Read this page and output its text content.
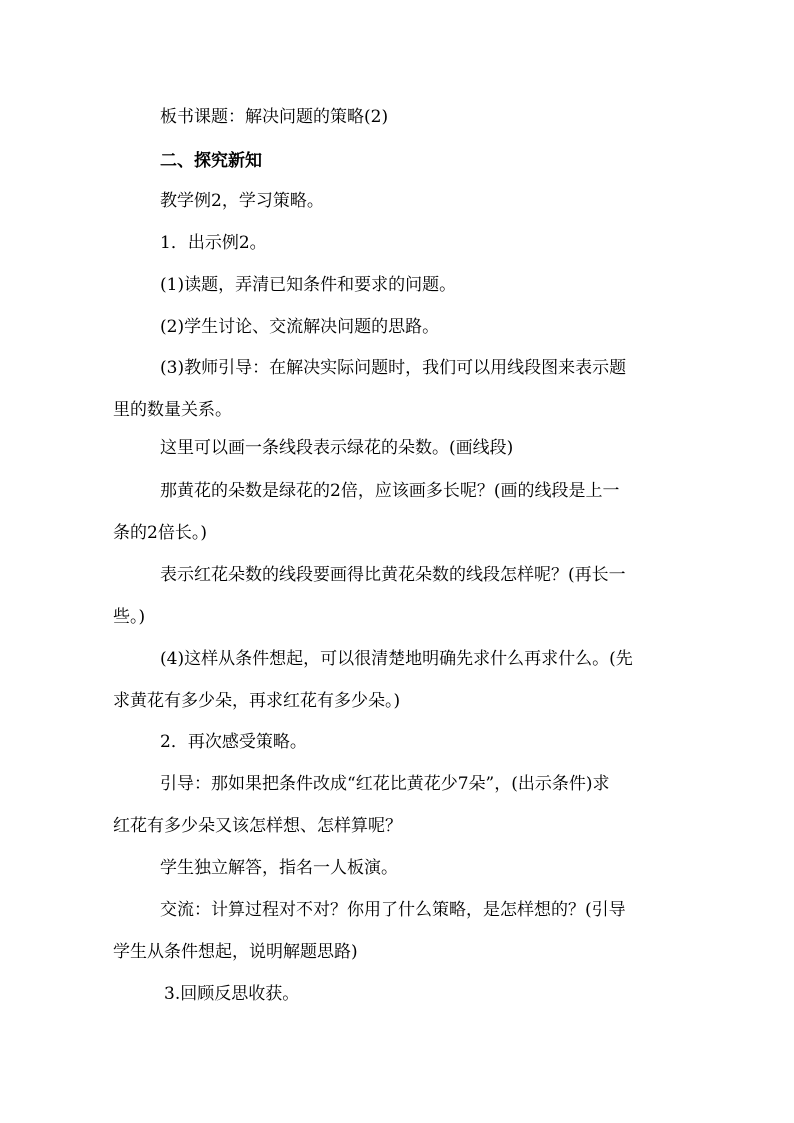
板书课题：解决问题的策略(2)
二、探究新知
教学例2，学习策略。
1．出示例2。
(1)读题，弄清已知条件和要求的问题。
(2)学生讨论、交流解决问题的思路。
(3)教师引导：在解决实际问题时，我们可以用线段图来表示题
里的数量关系。
这里可以画一条线段表示绿花的朵数。(画线段)
那黄花的朵数是绿花的2倍，应该画多长呢？(画的线段是上一
条的2倍长。)
表示红花朵数的线段要画得比黄花朵数的线段怎样呢？(再长一
些。)
(4)这样从条件想起，可以很清楚地明确先求什么再求什么。(先
求黄花有多少朵，再求红花有多少朵。)
2．再次感受策略。
引导：那如果把条件改成“红花比黄花少7朵”，(出示条件)求
红花有多少朵又该怎样想、怎样算呢？
学生独立解答，指名一人板演。
交流：计算过程对不对？你用了什么策略，是怎样想的？(引导
学生从条件想起，说明解题思路)
3.回顾反思收获。
